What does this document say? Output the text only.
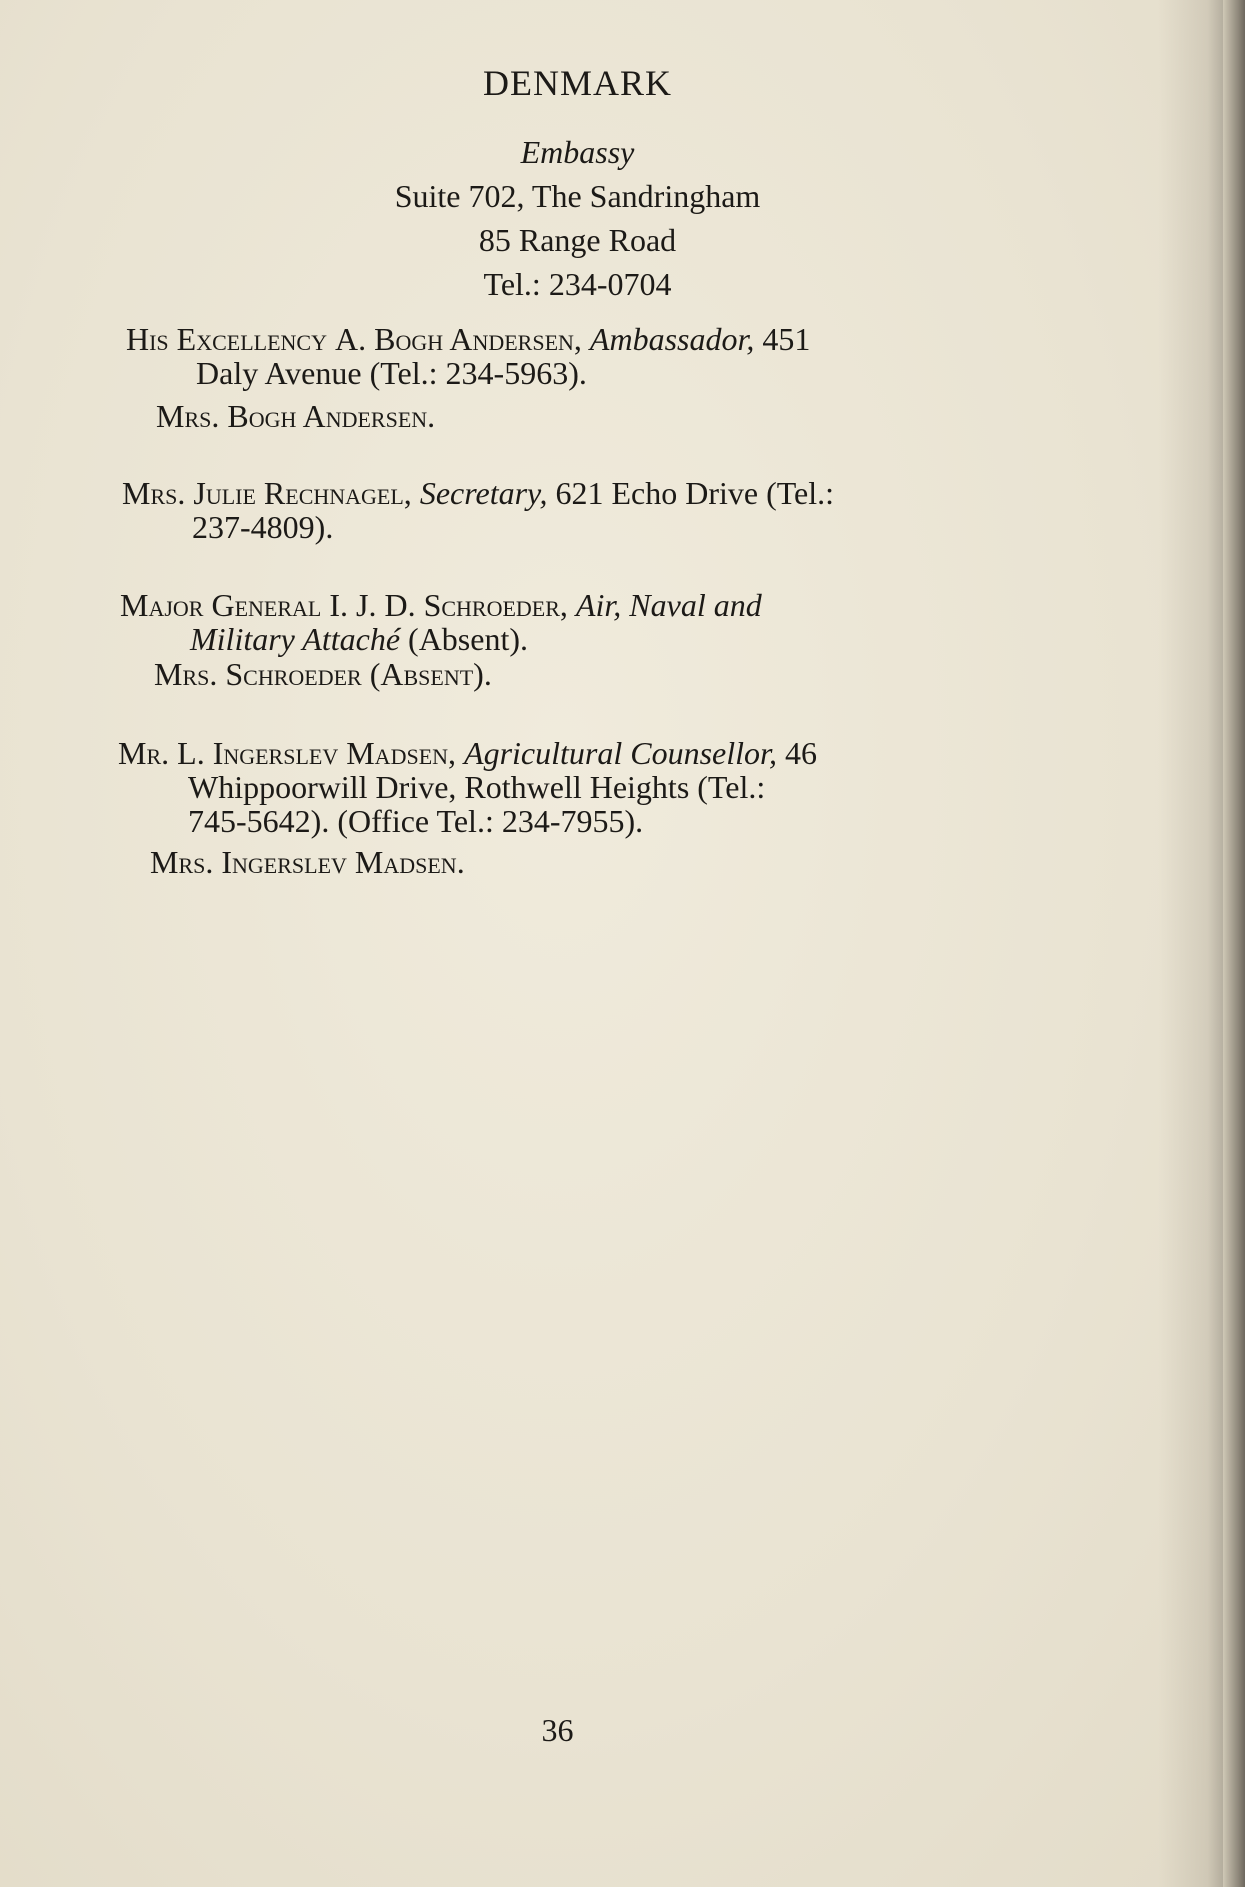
DENMARK
Embassy
Suite 702, The Sandringham
85 Range Road
Tel.: 234-0704
His Excellency A. Bogh Andersen, Ambassador, 451
Daly Avenue (Tel.: 234-5963).
Mrs. Bogh Andersen.
Mrs. Julie Rechnagel, Secretary, 621 Echo Drive (Tel.:
237-4809).
Major General I. J. D. Schroeder, Air, Naval and
Military Attaché (Absent).
Mrs. Schroeder (Absent).
Mr. L. Ingerslev Madsen, Agricultural Counsellor, 46
Whippoorwill Drive, Rothwell Heights (Tel.:
745-5642). (Office Tel.: 234-7955).
Mrs. Ingerslev Madsen.
36
